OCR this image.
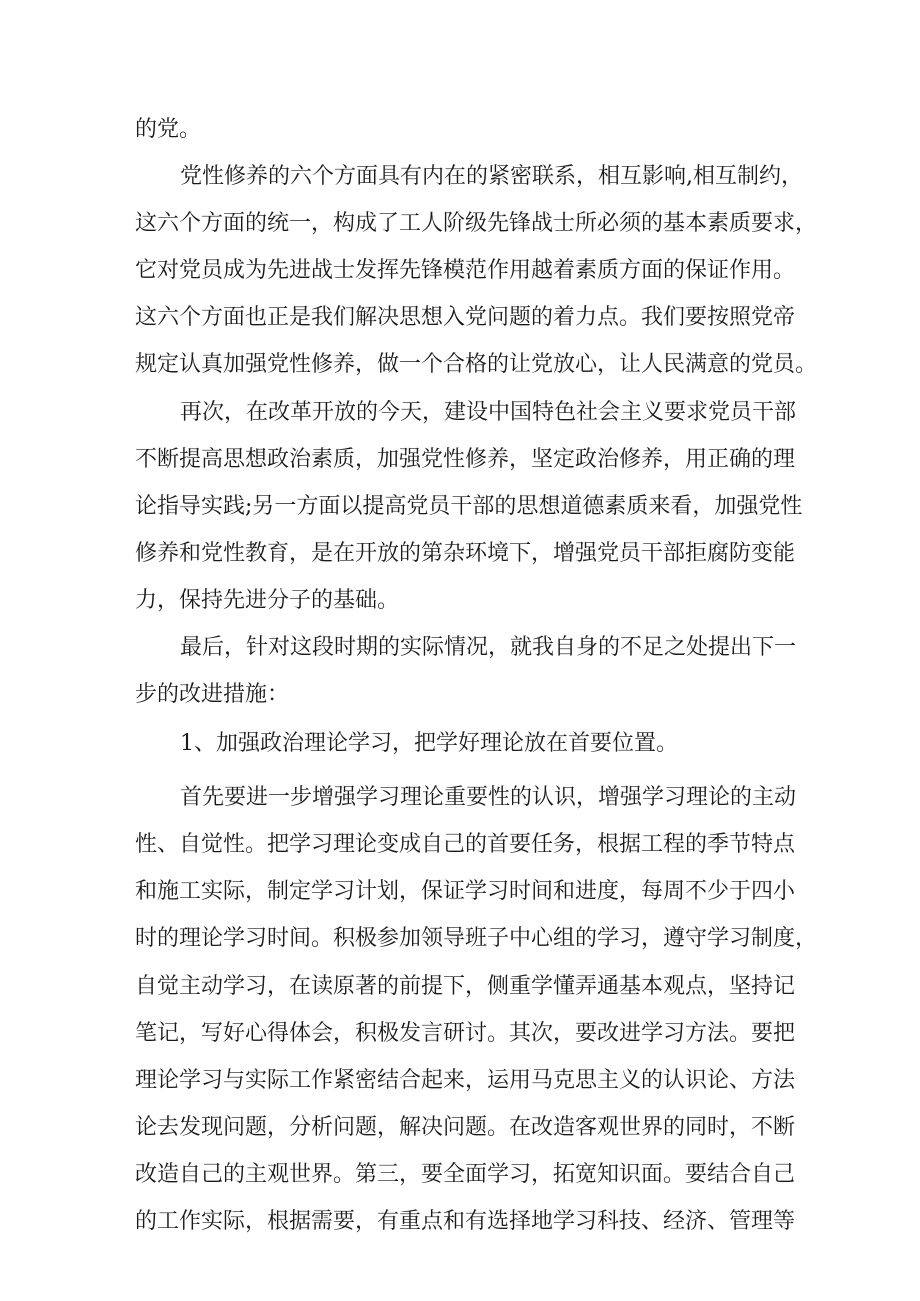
的党。
党性修养的六个方面具有内在的紧密联系，相互影响,相互制约，
这六个方面的统一，构成了工人阶级先锋战士所必须的基本素质要求，
它对党员成为先进战士发挥先锋模范作用越着素质方面的保证作用。
这六个方面也正是我们解决思想入党问题的着力点。我们要按照党帝
规定认真加强党性修养，做一个合格的让党放心，让人民满意的党员。
再次，在改革开放的今天，建设中国特色社会主义要求党员干部
不断提高思想政治素质，加强党性修养，坚定政治修养，用正确的理
论指导实践;另一方面以提高党员干部的思想道德素质来看，加强党性
修养和党性教育，是在开放的第杂环境下，增强党员干部拒腐防变能
力，保持先进分子的基础。
最后，针对这段时期的实际情况，就我自身的不足之处提出下一
步的改进措施：
1、加强政治理论学习，把学好理论放在首要位置。
首先要进一步增强学习理论重要性的认识，增强学习理论的主动
性、自觉性。把学习理论变成自己的首要任务，根据工程的季节特点
和施工实际，制定学习计划，保证学习时间和进度，每周不少于四小
时的理论学习时间。积极参加领导班子中心组的学习，遵守学习制度，
自觉主动学习，在读原著的前提下，侧重学懂弄通基本观点，坚持记
笔记，写好心得体会，积极发言研讨。其次，要改进学习方法。要把
理论学习与实际工作紧密结合起来，运用马克思主义的认识论、方法
论去发现问题，分析问题，解决问题。在改造客观世界的同时，不断
改造自己的主观世界。第三，要全面学习，拓宽知识面。要结合自己
的工作实际，根据需要，有重点和有选择地学习科技、经济、管理等
